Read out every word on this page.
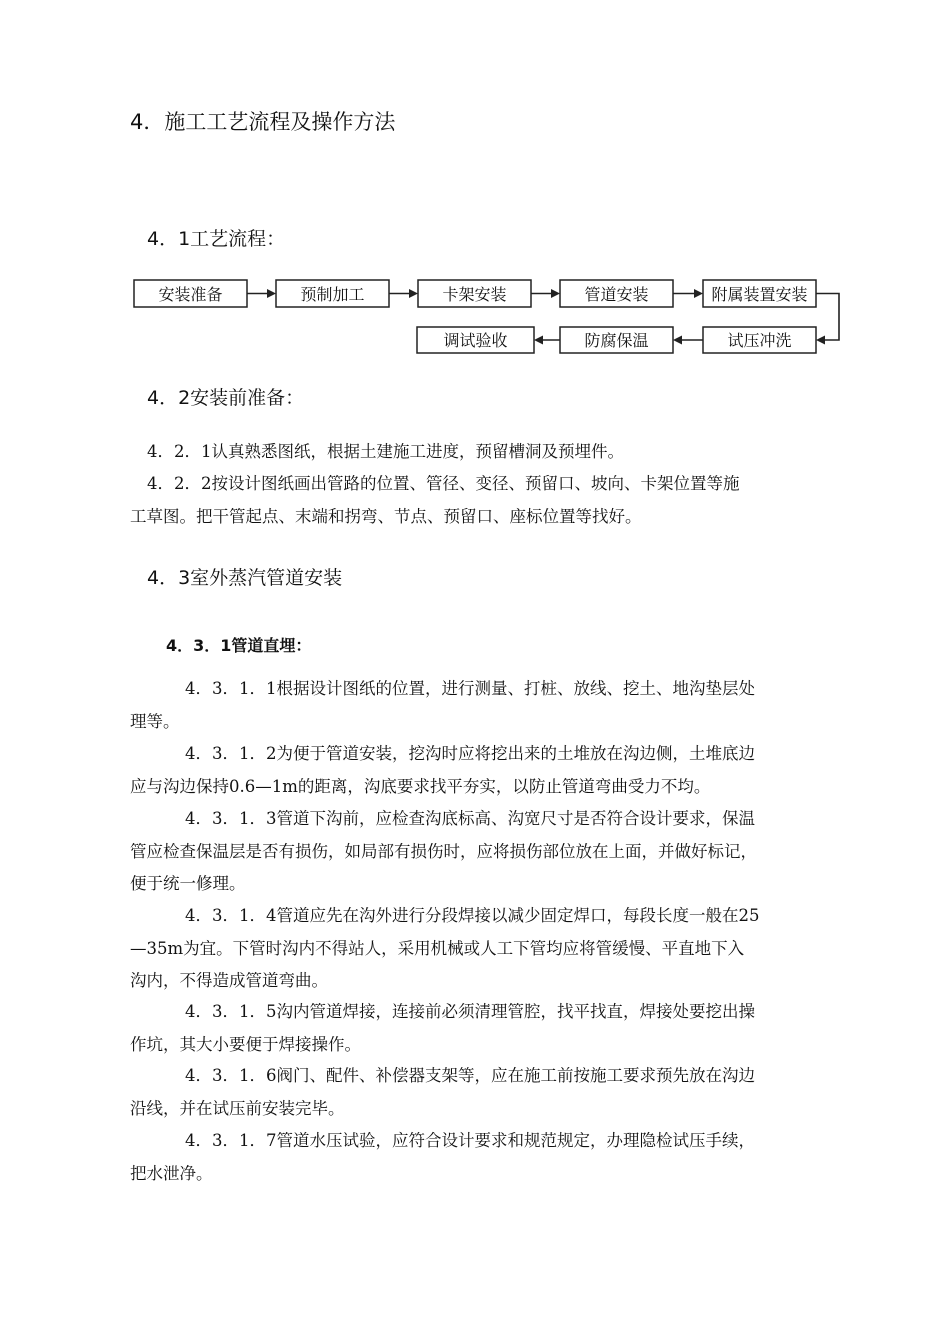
4．施工工艺流程及操作方法
4．1工艺流程：
安装准备	预制加工	卡架安装	管道安装	附属装置安装
试压冲洗
防腐保温
调试验收
4．2安装前准备：
4．2．1认真熟悉图纸，根据土建施工进度，预留槽洞及预埋件。
4．2．2按设计图纸画出管路的位置、管径、变径、预留口、坡向、卡架位置等施
工草图。把干管起点、末端和拐弯、节点、预留口、座标位置等找好。
4．3室外蒸汽管道安装
4．3．1管道直埋：
4．3．1．1根据设计图纸的位置，进行测量、打桩、放线、挖土、地沟垫层处
理等。
4．3．1．2为便于管道安装，挖沟时应将挖出来的土堆放在沟边侧，土堆底边
应与沟边保持0.6—1m的距离，沟底要求找平夯实，以防止管道弯曲受力不均。
4．3．1．3管道下沟前，应检查沟底标高、沟宽尺寸是否符合设计要求，保温
管应检查保温层是否有损伤，如局部有损伤时，应将损伤部位放在上面，并做好标记，
便于统一修理。
4．3．1．4管道应先在沟外进行分段焊接以减少固定焊口，每段长度一般在25
—35m为宜。下管时沟内不得站人，采用机械或人工下管均应将管缓慢、平直地下入
沟内，不得造成管道弯曲。
4．3．1．5沟内管道焊接，连接前必须清理管腔，找平找直，焊接处要挖出操
作坑，其大小要便于焊接操作。
4．3．1．6阀门、配件、补偿器支架等，应在施工前按施工要求预先放在沟边
沿线，并在试压前安装完毕。
4．3．1．7管道水压试验，应符合设计要求和规范规定，办理隐检试压手续，
把水泄净。
